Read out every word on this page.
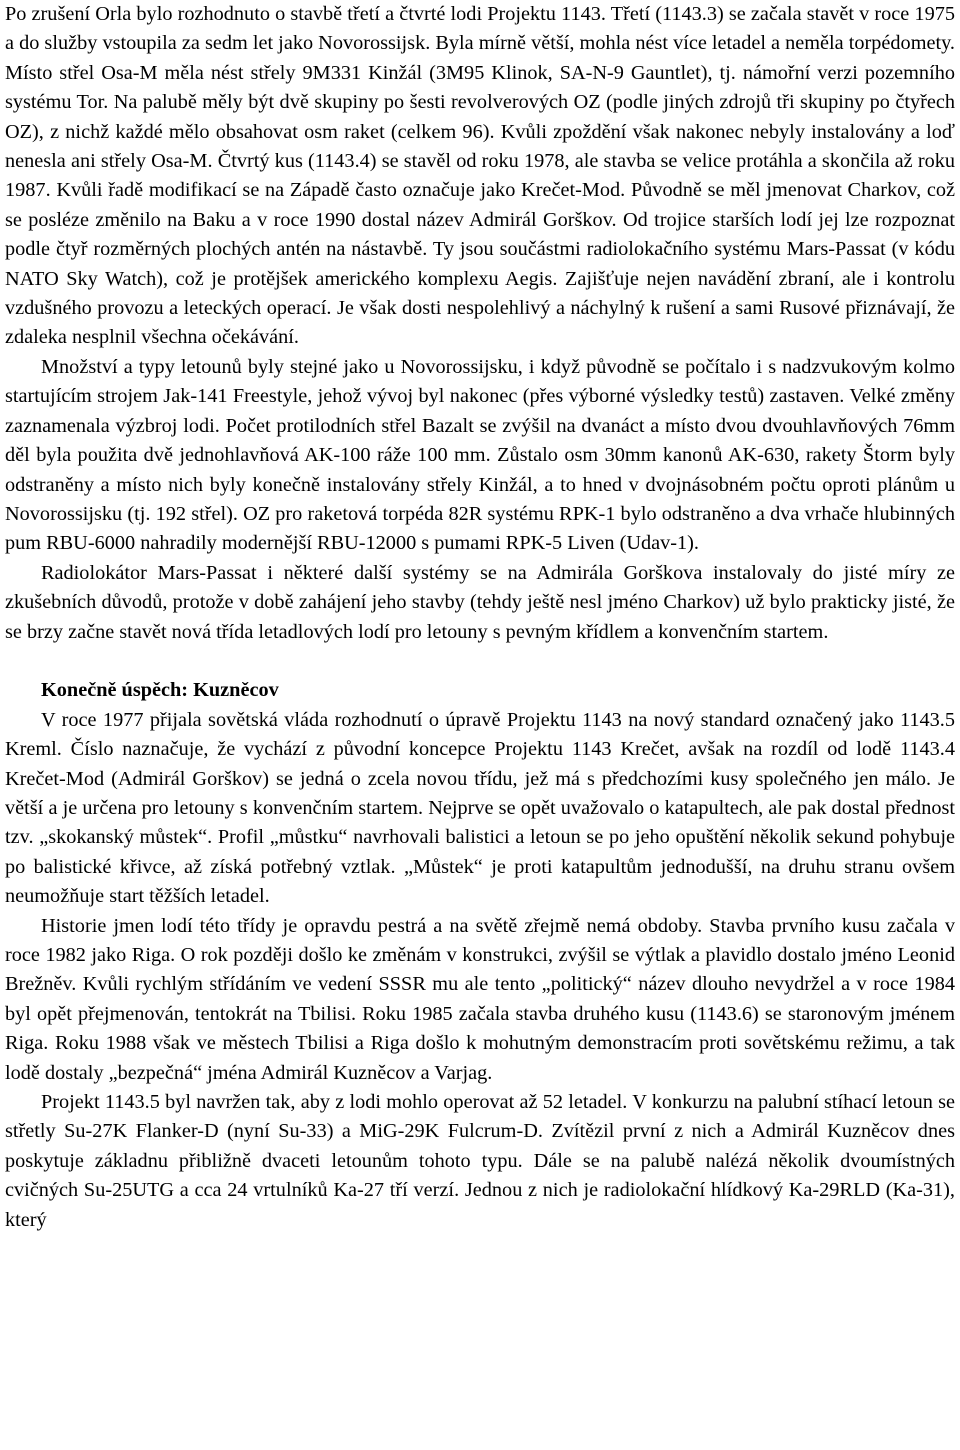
Po zrušení Orla bylo rozhodnuto o stavbě třetí a čtvrté lodi Projektu 1143. Třetí (1143.3) se začala stavět v roce 1975 a do služby vstoupila za sedm let jako Novorossijsk. Byla mírně větší, mohla nést více letadel a neměla torpédomety. Místo střel Osa-M měla nést střely 9M331 Kinžál (3M95 Klinok, SA-N-9 Gauntlet), tj. námořní verzi pozemního systému Tor. Na palubě měly být dvě skupiny po šesti revolverových OZ (podle jiných zdrojů tři skupiny po čtyřech OZ), z nichž každé mělo obsahovat osm raket (celkem 96). Kvůli zpoždění však nakonec nebyly instalovány a loď nenesla ani střely Osa-M. Čtvrtý kus (1143.4) se stavěl od roku 1978, ale stavba se velice protáhla a skončila až roku 1987. Kvůli řadě modifikací se na Západě často označuje jako Krečet-Mod. Původně se měl jmenovat Charkov, což se posléze změnilo na Baku a v roce 1990 dostal název Admirál Gorškov. Od trojice starších lodí jej lze rozpoznat podle čtyř rozměrných plochých antén na nástavbě. Ty jsou součástmi radiolokačního systému Mars-Passat (v kódu NATO Sky Watch), což je protějšek amerického komplexu Aegis. Zajišťuje nejen navádění zbraní, ale i kontrolu vzdušného provozu a leteckých operací. Je však dosti nespolehlivý a náchylný k rušení a sami Rusové přiznávají, že zdaleka nesplnil všechna očekávání.

Množství a typy letounů byly stejné jako u Novorossijsku, i když původně se počítalo i s nadzvukovým kolmo startujícím strojem Jak-141 Freestyle, jehož vývoj byl nakonec (přes výborné výsledky testů) zastaven. Velké změny zaznamenala výzbroj lodi. Počet protilodních střel Bazalt se zvýšil na dvanáct a místo dvou dvouhlavňových 76mm děl byla použita dvě jednohlavňová AK-100 ráže 100 mm. Zůstalo osm 30mm kanonů AK-630, rakety Štorm byly odstraněny a místo nich byly konečně instalovány střely Kinžál, a to hned v dvojnásobném počtu oproti plánům u Novorossijsku (tj. 192 střel). OZ pro raketová torpéda 82R systému RPK-1 bylo odstraněno a dva vrhače hlubinných pum RBU-6000 nahradily modernější RBU-12000 s pumami RPK-5 Liven (Udav-1).

Radiolokátor Mars-Passat i některé další systémy se na Admirála Gorškova instalovaly do jisté míry ze zkušebních důvodů, protože v době zahájení jeho stavby (tehdy ještě nesl jméno Charkov) už bylo prakticky jisté, že se brzy začne stavět nová třída letadlových lodí pro letouny s pevným křídlem a konvenčním startem.

Konečně úspěch: Kuzněcov

V roce 1977 přijala sovětská vláda rozhodnutí o úpravě Projektu 1143 na nový standard označený jako 1143.5 Kreml. Číslo naznačuje, že vychází z původní koncepce Projektu 1143 Krečet, avšak na rozdíl od lodě 1143.4 Krečet-Mod (Admirál Gorškov) se jedná o zcela novou třídu, jež má s předchozími kusy společného jen málo. Je větší a je určena pro letouny s konvenčním startem. Nejprve se opět uvažovalo o katapultech, ale pak dostal přednost tzv. „skokanský můstek“. Profil „můstku“ navrhovali balistici a letoun se po jeho opuštění několik sekund pohybuje po balistické křivce, až získá potřebný vztlak. „Můstek“ je proti katapultům jednodušší, na druhu stranu ovšem neumožňuje start těžších letadel.

Historie jmen lodí této třídy je opravdu pestrá a na světě zřejmě nemá obdoby. Stavba prvního kusu začala v roce 1982 jako Riga. O rok později došlo ke změnám v konstrukci, zvýšil se výtlak a plavidlo dostalo jméno Leonid Brežněv. Kvůli rychlým střídáním ve vedení SSSR mu ale tento „politický“ název dlouho nevydržel a v roce 1984 byl opět přejmenován, tentokrát na Tbilisi. Roku 1985 začala stavba druhého kusu (1143.6) se staronovým jménem Riga. Roku 1988 však ve městech Tbilisi a Riga došlo k mohutným demonstracím proti sovětskému režimu, a tak lodě dostaly „bezpečná“ jména Admirál Kuzněcov a Varjag.

Projekt 1143.5 byl navržen tak, aby z lodi mohlo operovat až 52 letadel. V konkurzu na palubní stíhací letoun se střetly Su-27K Flanker-D (nyní Su-33) a MiG-29K Fulcrum-D. Zvítězil první z nich a Admirál Kuzněcov dnes poskytuje základnu přibližně dvaceti letounům tohoto typu. Dále se na palubě nalézá několik dvoumístných cvičných Su-25UTG a cca 24 vrtulníků Ka-27 tří verzí. Jednou z nich je radiolokační hlídkový Ka-29RLD (Ka-31), který
